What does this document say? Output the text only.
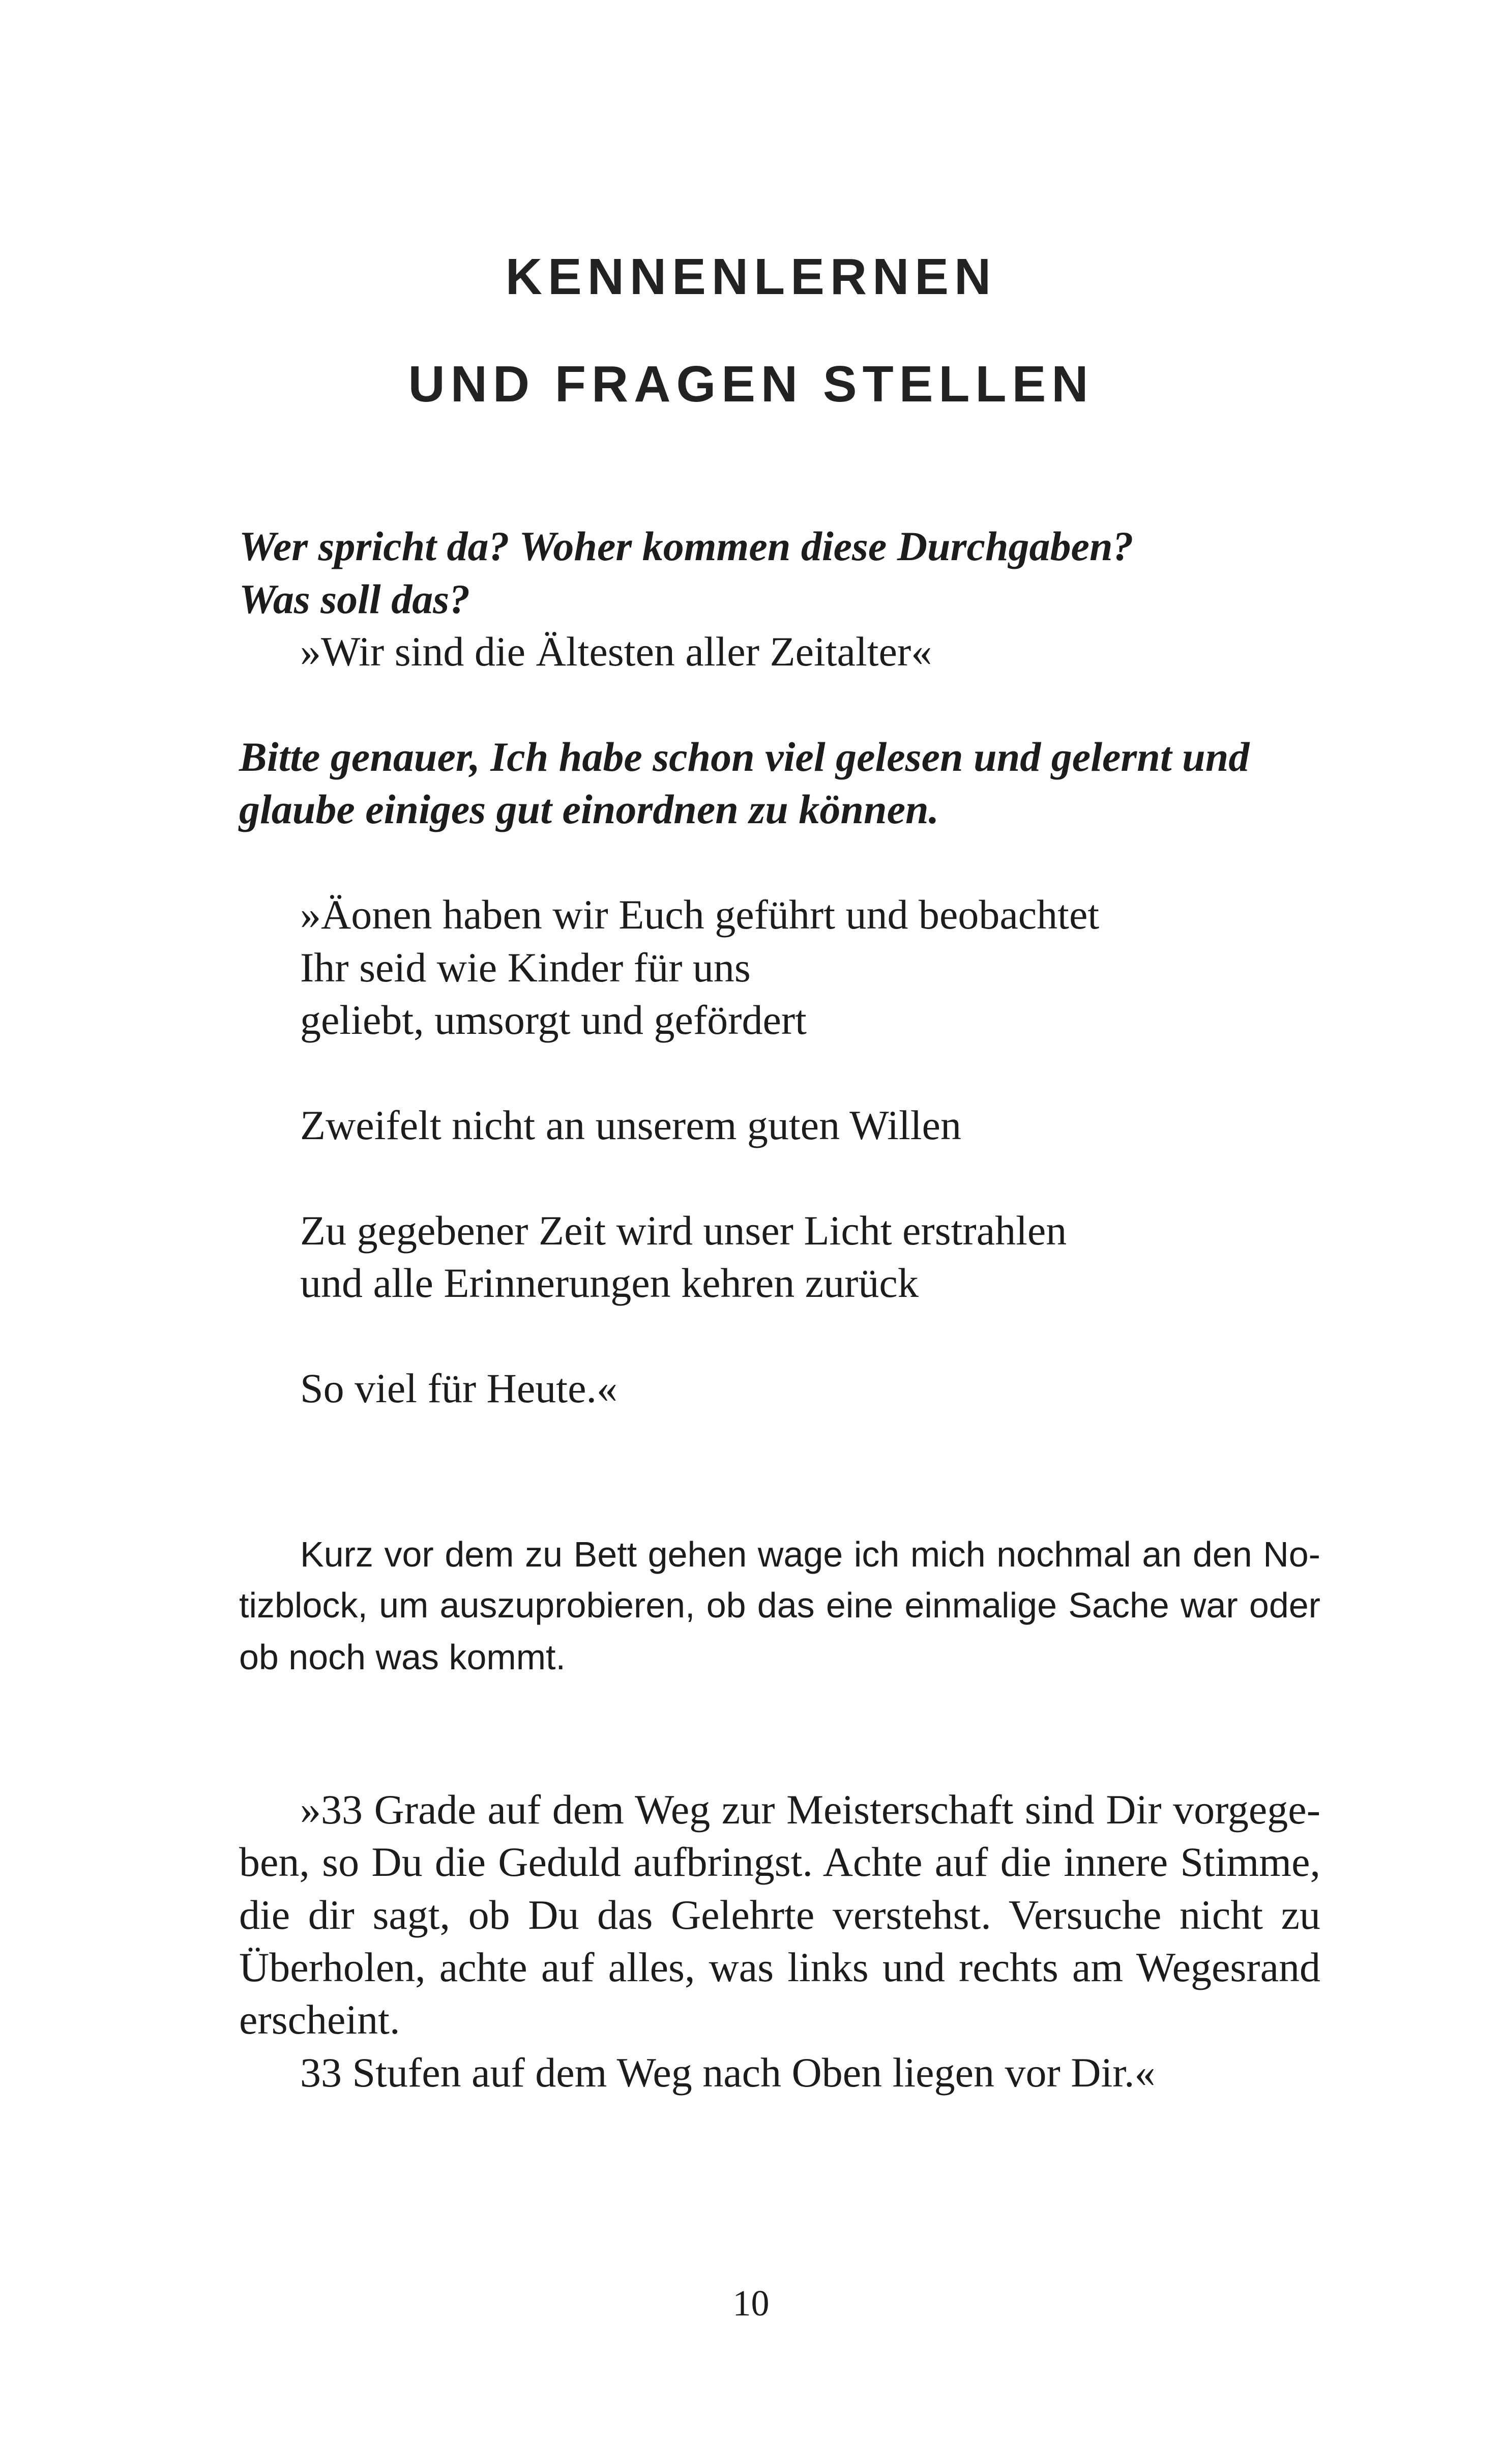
KENNENLERNEN
UND FRAGEN STELLEN

Wer spricht da? Woher kommen diese Durchgaben?

Was soll das?

»Wir sind die Ältesten aller Zeitalter«

Bitte genauer, Ich habe schon viel gelesen und gelernt und

glaube einiges gut einordnen zu können.

»Äonen haben wir Euch geführt und beobachtet

Ihr seid wie Kinder für uns

geliebt, umsorgt und gefördert

Zweifelt nicht an unserem guten Willen

Zu gegebener Zeit wird unser Licht erstrahlen

und alle Erinnerungen kehren zurück

So viel für Heute.«

Kurz vor dem zu Bett gehen wage ich mich nochmal an den No-

tizblock, um auszuprobieren, ob das eine einmalige Sache war oder

ob noch was kommt.

»33 Grade auf dem Weg zur Meisterschaft sind Dir vorgege-

ben, so Du die Geduld aufbringst. Achte auf die innere Stimme,

die dir sagt, ob Du das Gelehrte verstehst. Versuche nicht zu

Überholen, achte auf alles, was links und rechts am Wegesrand

erscheint.

33 Stufen auf dem Weg nach Oben liegen vor Dir.«

10
